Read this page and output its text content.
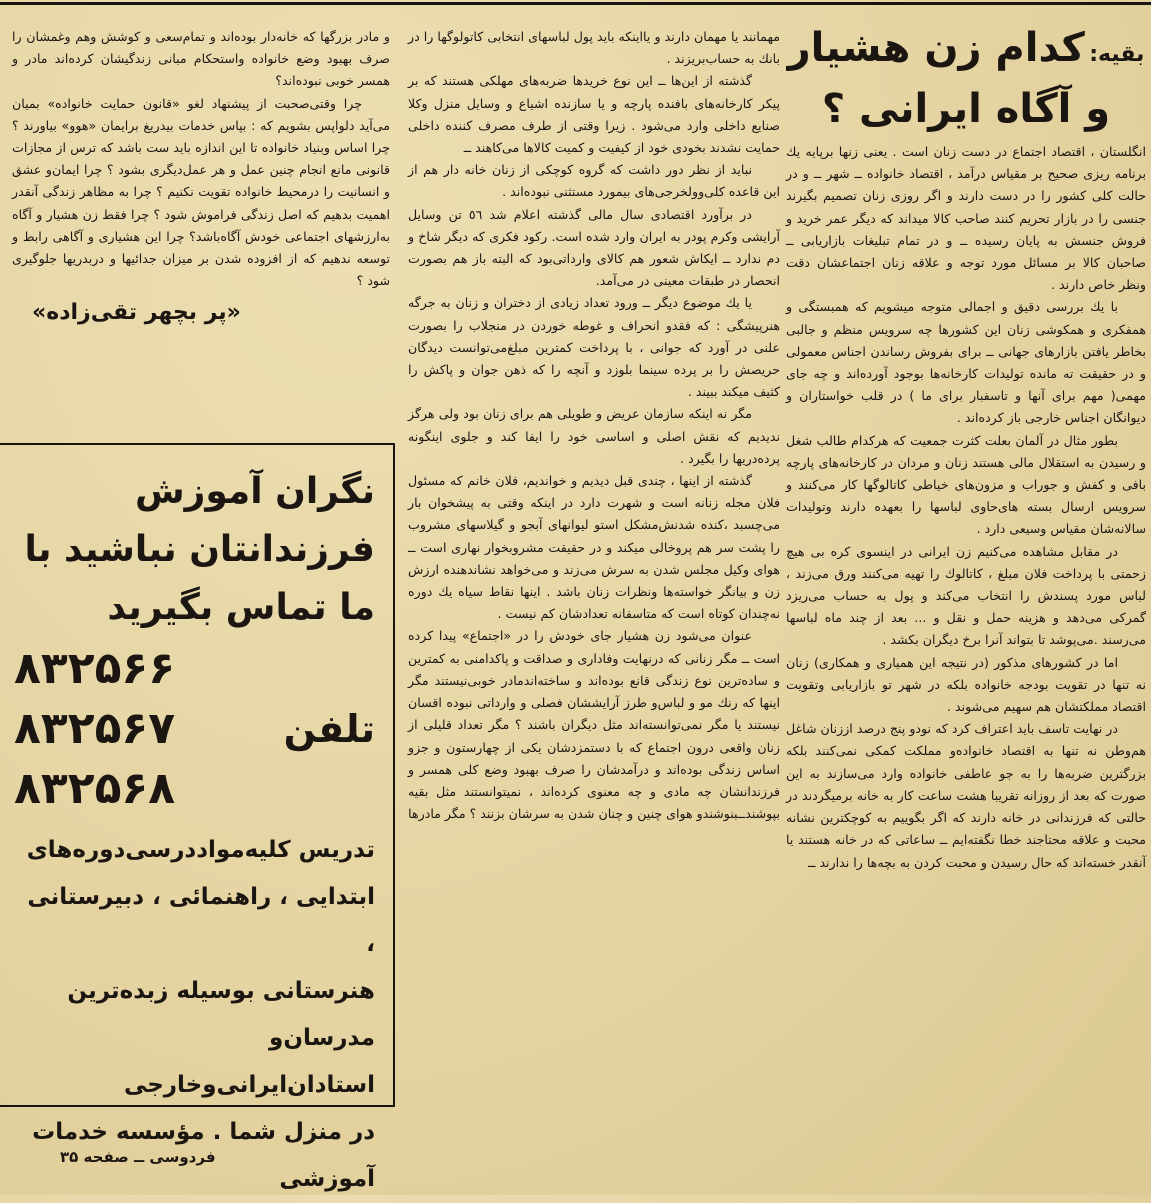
بقیه: کدام زن هشیار
و آگاه ایرانی ؟

انگلستان ، اقتصاد اجتماع در دست زنان است . یعنی زنها برپایه یك برنامه ریزی صحیح بر مقیاس درآمد ، اقتصاد خانواده ــ شهر ــ و در حالت کلی کشور را در دست دارند و اگر روزی زنان تصمیم بگیرند جنسی را در بازار تحریم کنند صاحب کالا میداند که دیگر عمر خرید و فروش جنسش به پایان رسیده ــ و در تمام تبلیغات بازاریابی ــ صاحبان کالا بر مسائل مورد توجه و علاقه زنان اجتماعشان دقت ونظر خاص دارند .

با یك بررسی دقیق و اجمالی متوجه میشویم که همبستگی و همفکری و همکوشی زنان این کشورها چه سرویس منظم و جالبی بخاطر یافتن بازارهای جهانی ــ برای بفروش رساندن اجناس معمولی و در حقیقت ته مانده تولیدات کارخانه‌ها بوجود آورده‌اند و چه جای مهمی( مهم برای آنها و تاسفبار برای ما ) در قلب خواستاران و دیوانگان اجناس خارجی باز کرده‌اند .

بطور مثال در آلمان بعلت کثرت جمعیت که هرکدام طالب شغل و رسیدن به استقلال مالی هستند زنان و مردان در کارخانه‌های پارچه بافی و کفش و جوراب و مزون‌های خیاطی کاتالوگها کار می‌کنند و سرویس ارسال بسته های‌حاوی لباسها را بعهده دارند وتولیدات سالانه‌شان مقیاس وسیعی دارد .

در مقابل مشاهده می‌کنیم زن ایرانی در اینسوی کره بی هیچ زحمتی با پرداخت فلان مبلغ ، کاتالوك را تهیه می‌کنند ورق می‌زند ، لباس مورد پسندش را انتخاب می‌کند و پول به حساب می‌ریزد گمرکی می‌دهد و هزینه حمل و نقل و ... بعد از چند ماه لباسها می‌رسند .می‌پوشد تا بتواند آنرا برخ دیگران بکشد .

اما در کشورهای مذکور (در نتیجه این همیاری و همکاری) زنان نه تنها در تقویت بودجه خانواده بلکه در شهر تو بازاریابی وتقویت اقتصاد مملکتشان هم سهیم می‌شوند .

در نهایت تاسف باید اعتراف کرد که نودو پنج درصد اززنان شاغل هم‌وطن نه تنها به اقتصاد خانواده‌و مملکت کمکی نمی‌کنند بلکه بزرگترین ضربه‌ها را به جو عاطفی خانواده وارد می‌سازند به این صورت که بعد از روزانه تقریبا هشت ساعت کار به خانه برمیگردند در حالتی که فرزندانی در خانه دارند که اگر بگوییم به کوچکترین نشانه محبت و علاقه محتاجند خطا نگفته‌ایم ــ ساعاتی که در خانه هستند یا آنقدر خسته‌اند که حال رسیدن و محبت کردن به بچه‌ها را ندارند ــ

مهمانند یا مهمان دارند و یااینکه باید پول لباسهای انتخابی کاتولوگها را در بانك به حساب‌بریزند .

گذشته از این‌ها ــ این نوع خریدها ضربه‌های مهلکی هستند که بر پیکر کارخانه‌های بافنده پارچه و یا سازنده اشیاع و وسایل منزل وکلا صنایع داخلی وارد می‌شود . زیرا وقتی از طرف مصرف کننده داخلی حمایت نشدند بخودی خود از کیفیت و کمیت کالاها می‌کاهند ــ

نباید از نظر دور داشت که گروه کوچکی از زنان خانه دار هم از این قاعده کلی‌وولخرجی‌های بیمورد مستثنی نبوده‌اند .

در برآورد اقتصادی سال مالی گذشته اعلام شد ٥٦ تن وسایل آرایشی وکرم پودر به ایران وارد شده است. رکود فکری که دیگر شاخ و دم ندارد ــ ایکاش شعور هم کالای وارداتی‌بود که البته باز هم بصورت انحصار در طبقات معینی در می‌آمد.

یا یك موضوع دیگر ــ ورود تعداد زیادی از دختران و زنان به جرگه هنرپیشگی : که فقدو انحراف و غوطه خوردن در منجلاب را بصورت علنی در آورد که جوانی ، با پرداخت کمترین مبلغ‌می‌توانست دیدگان حریصش را بر پرده سینما بلوزد و آنچه را که ذهن جوان و پاکش را کثیف میکند ببیند .

مگر نه اینکه سازمان عریض و طویلی هم برای زنان بود ولی هرگز ندیدیم که نقش اصلی و اساسی خود را ایفا کند و جلوی اینگونه پرده‌دریها را بگیرد .

گذشته از اینها ، چندی قبل دیدیم و خواندیم، فلان خانم که مسئول فلان مجله زنانه است و شهرت دارد در اینکه وقتی به پیشخوان بار می‌چسبد ،کنده شدنش‌مشکل استو لیوانهای آبجو و گیلاسهای مشروب را پشت سر هم پروخالی میکند و در حقیقت مشروبخوار نهاری است ــ هوای وکیل مجلس شدن به سرش می‌زند و می‌خواهد نشاندهنده ارزش زن و بیانگر خواسته‌ها ونظرات زنان باشد . اینها نقاط سیاه یك دوره نه‌چندان کوتاه است که متاسفانه تعدادشان کم نیست .

عنوان می‌شود زن هشیار جای خودش را در «اجتماع» پیدا کرده است ــ مگر زنانی که درنهایت وفاداری و صداقت و پاکدامنی به کمترین و ساده‌ترین نوع زندگی قانع بوده‌اند و ساخته‌اندمادر خوبی‌نیستند مگر اینها که رنك مو و لباس‌و طرز آرایششان فصلی و وارداتی نبوده اقسان نیستند یا مگر نمی‌توانسته‌اند مثل دیگران باشند ؟ مگر تعداد قلیلی از زنان واقعی درون اجتماع که با دستمزدشان یکی از چهارستون و جزو اساس زندگی بوده‌اند و درآمدشان را صرف بهبود وضع کلی همسر و فرزندانشان چه مادی و چه معنوی کرده‌اند ، نمیتوانستند مثل بقیه بپوشندــبنوشندو هوای چنین و چنان شدن به سرشان بزنند ؟ مگر مادرها

و مادر بزرگها که خانه‌دار بوده‌اند و تمام‌سعی و کوشش وهم وغمشان را صرف بهبود وضع خانواده واستحکام مبانی زندگیشان کرده‌اند مادر و همسر خوبی نبوده‌اند؟

چرا وقتی‌صحبت از پیشنهاد لغو «قانون حمایت خانواده» بمیان می‌آید دلواپس بشویم که : بپاس خدمات بیدریغ برایمان «هوو» بیاورند ؟ چرا اساس وبنیاد خانواده تا این اندازه باید ست باشد که ترس از مجازات قانونی مانع انجام چنین عمل و هر عمل‌دیگری بشود ؟ چرا ایمان‌و عشق و انسانیت را درمحیط خانواده تقویت نکنیم ؟ چرا به مظاهر زندگی آنقدر اهمیت بدهیم که اصل زندگی فراموش شود ؟ چرا فقط زن هشیار و آگاه به‌ارزشهای اجتماعی خودش آگاه‌باشد؟ چرا این هشیاری و آگاهی رابط و توسعه ندهیم که از افزوده شدن بر میزان جدائیها و دربدریها جلوگیری شود ؟

«پر بچهر تقی‌زاده»
نگران آموزش
فرزندانتان نباشید با
ما تماس بگیرید
تلفن
۸۳۲۵۶۶
۸۳۲۵۶۷
۸۳۲۵۶۸
تدریس کلیه‌مواددرسی‌دوره‌های
ابتدایی ، راهنمائی ، دبیرستانی ،
هنرستانی بوسیله زبده‌ترین
مدرسان‌و استادان‌ایرانی‌وخارجی
در منزل شما . مؤسسه خدمات
آموزشی
فردوسی ــ صفحه ۳۵
